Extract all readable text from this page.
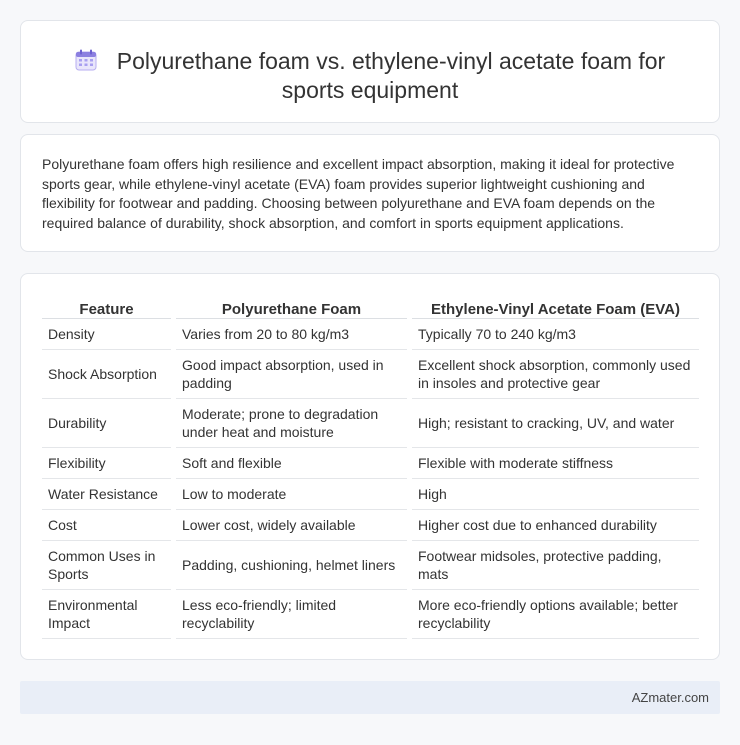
Polyurethane foam vs. ethylene-vinyl acetate foam for sports equipment

Polyurethane foam offers high resilience and excellent impact absorption, making it ideal for protective sports gear, while ethylene-vinyl acetate (EVA) foam provides superior lightweight cushioning and flexibility for footwear and padding. Choosing between polyurethane and EVA foam depends on the required balance of durability, shock absorption, and comfort in sports equipment applications.

Feature		Polyurethane Foam		Ethylene-Vinyl Acetate Foam (EVA)
Density		Varies from 20 to 80 kg/m3		Typically 70 to 240 kg/m3
Shock Absorption		Good impact absorption, used in padding		Excellent shock absorption, commonly used in insoles and protective gear
Durability		Moderate; prone to degradation under heat and moisture		High; resistant to cracking, UV, and water
Flexibility		Soft and flexible		Flexible with moderate stiffness
Water Resistance		Low to moderate		High
Cost		Lower cost, widely available		Higher cost due to enhanced durability
Common Uses in Sports		Padding, cushioning, helmet liners		Footwear midsoles, protective padding, mats
Environmental Impact		Less eco-friendly; limited recyclability		More eco-friendly options available; better recyclability
AZmater.com
